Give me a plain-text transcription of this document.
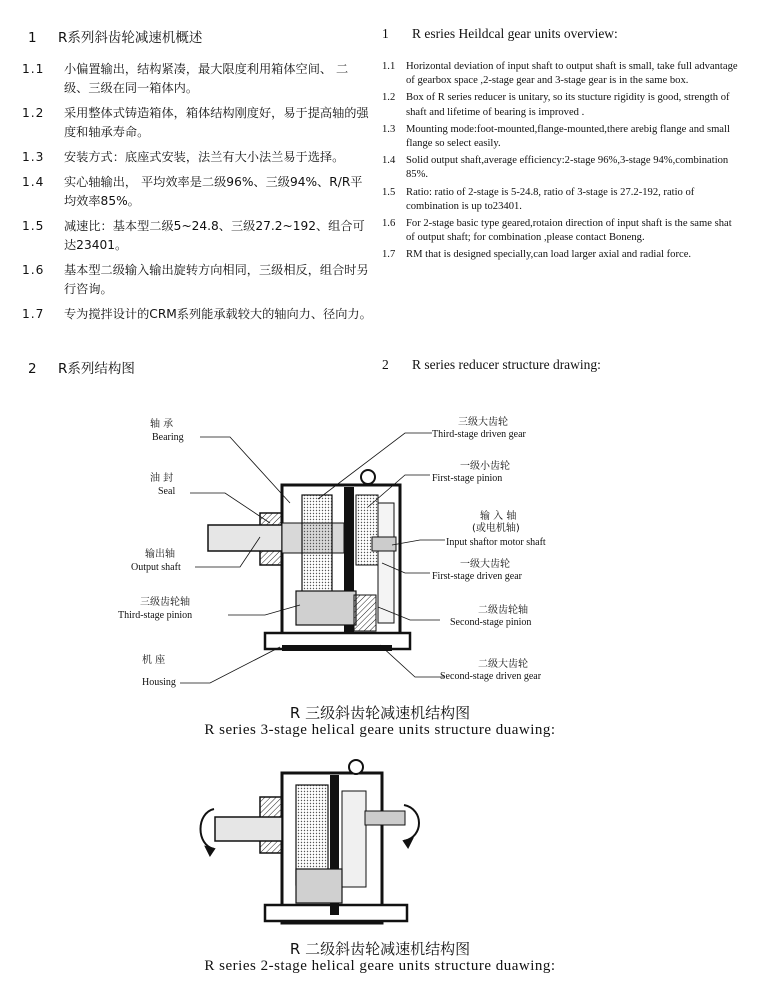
1 R系列斜齿轮减速机概述
1.1	小偏置输出，结构紧凑，最大限度利用箱体空间、 二级、三级在同一箱体内。
1.2	采用整体式铸造箱体，箱体结构刚度好，易于提高轴的强度和轴承寿命。
1.3	安装方式：底座式安装，法兰有大小法兰易于选择。
1.4	实心轴输出， 平均效率是二级96%、三级94%、R/R平均效率85%。
1.5	减速比：基本型二级5~24.8、三级27.2~192、组合可达23401。
1.6	基本型二级输入输出旋转方向相同，三级相反，组合时另行咨询。
1.7	专为搅拌设计的CRM系列能承载较大的轴向力、径向力。
2 R系列结构图
1 R esries Heildcal gear units overview:
1.1	Horizontal deviation of input shaft to output shaft is small, take full advantage of gearbox space ,2-stage gear and 3-stage gear is in the same box.
1.2	Box of R series reducer is unitary, so its stucture rigidity is good, strength of shaft and lifetime of bearing is improved .
1.3	Mounting mode:foot-mounted,flange-mounted,there arebig flange and small flange so select easily.
1.4	Solid output shaft,average efficiency:2-stage 96%,3-stage 94%,combination 85%.
1.5	Ratio: ratio of 2-stage is 5-24.8, ratio of 3-stage is 27.2-192, ratio of combination is up to23401.
1.6	For 2-stage basic type geared,rotaion direction of input shaft is the same shat of output shaft; for combination ,please contact Boneng.
1.7	RM that is designed specially,can load larger axial and radial force.
2 R series reducer structure drawing:
轴 承
Bearing
油 封
Seal
输出轴
Output shaft
三级齿轮轴
Third-stage pinion
机 座
Housing
三级大齿轮
Third-stage driven gear
一级小齿轮
First-stage pinion
输 入 轴
(或电机轴)
Input shaftor motor shaft
一级大齿轮
First-stage driven gear
二级齿轮轴
Second-stage pinion
二级大齿轮
Second-stage driven gear
R 三级斜齿轮减速机结构图
R series 3-stage helical geare units structure duawing:
R 二级斜齿轮减速机结构图
R series 2-stage helical geare units structure duawing:
